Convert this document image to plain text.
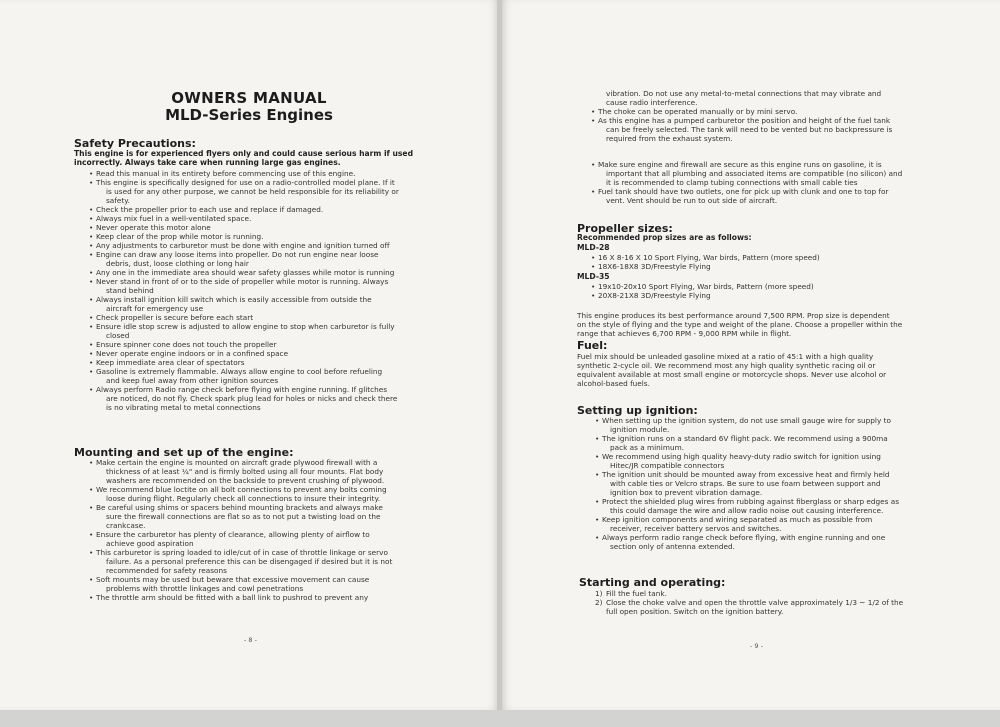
OWNERS MANUAL
MLD-Series Engines
Safety Precautions:
This engine is for experienced flyers only and could cause serious harm if used
incorrectly. Always take care when running large gas engines.
• Read this manual in its entirety before commencing use of this engine.
• This engine is specifically designed for use on a radio-controlled model plane. If it
is used for any other purpose, we cannot be held responsible for its reliability or
safety.
• Check the propeller prior to each use and replace if damaged.
• Always mix fuel in a well-ventilated space.
• Never operate this motor alone
• Keep clear of the prop while motor is running.
• Any adjustments to carburetor must be done with engine and ignition turned off
• Engine can draw any loose items into propeller. Do not run engine near loose
debris, dust, loose clothing or long hair
• Any one in the immediate area should wear safety glasses while motor is running
• Never stand in front of or to the side of propeller while motor is running. Always
stand behind
• Always install ignition kill switch which is easily accessible from outside the
aircraft for emergency use
• Check propeller is secure before each start
• Ensure idle stop screw is adjusted to allow engine to stop when carburetor is fully
closed
• Ensure spinner cone does not touch the propeller
• Never operate engine indoors or in a confined space
• Keep immediate area clear of spectators
• Gasoline is extremely flammable. Always allow engine to cool before refueling
and keep fuel away from other ignition sources
• Always perform Radio range check before flying with engine running. If glitches
are noticed, do not fly. Check spark plug lead for holes or nicks and check there
is no vibrating metal to metal connections
Mounting and set up of the engine:
• Make certain the engine is mounted on aircraft grade plywood firewall with a
thickness of at least ¼" and is firmly bolted using all four mounts. Flat body
washers are recommended on the backside to prevent crushing of plywood.
• We recommend blue loctite on all bolt connections to prevent any bolts coming
loose during flight. Regularly check all connections to insure their integrity.
• Be careful using shims or spacers behind mounting brackets and always make
sure the firewall connections are flat so as to not put a twisting load on the
crankcase.
• Ensure the carburetor has plenty of clearance, allowing plenty of airflow to
achieve good aspiration
• This carburetor is spring loaded to idle/cut of in case of throttle linkage or servo
failure. As a personal preference this can be disengaged if desired but it is not
recommended for safety reasons
• Soft mounts may be used but beware that excessive movement can cause
problems with throttle linkages and cowl penetrations
• The throttle arm should be fitted with a ball link to pushrod to prevent any
- 8 -
vibration. Do not use any metal-to-metal connections that may vibrate and
cause radio interference.
• The choke can be operated manually or by mini servo.
• As this engine has a pumped carburetor the position and height of the fuel tank
can be freely selected. The tank will need to be vented but no backpressure is
required from the exhaust system.
• Make sure engine and firewall are secure as this engine runs on gasoline, it is
important that all plumbing and associated items are compatible (no silicon) and
it is recommended to clamp tubing connections with small cable ties
• Fuel tank should have two outlets, one for pick up with clunk and one to top for
vent. Vent should be run to out side of aircraft.
Propeller sizes:
Recommended prop sizes are as follows:
MLD-28
• 16 X 8-16 X 10 Sport Flying, War birds, Pattern (more speed)
• 18X6-18X8 3D/Freestyle Flying
MLD-35
• 19x10-20x10 Sport Flying, War birds, Pattern (more speed)
• 20X8-21X8 3D/Freestyle Flying
This engine produces its best performance around 7,500 RPM. Prop size is dependent
on the style of flying and the type and weight of the plane. Choose a propeller within the
range that achieves 6,700 RPM - 9,000 RPM while in flight.
Fuel:
Fuel mix should be unleaded gasoline mixed at a ratio of 45:1 with a high quality
synthetic 2-cycle oil. We recommend most any high quality synthetic racing oil or
equivalent available at most small engine or motorcycle shops. Never use alcohol or
alcohol-based fuels.
Setting up ignition:
• When setting up the ignition system, do not use small gauge wire for supply to
ignition module.
• The ignition runs on a standard 6V flight pack. We recommend using a 900ma
pack as a minimum.
• We recommend using high quality heavy-duty radio switch for ignition using
Hitec/JR compatible connectors
• The ignition unit should be mounted away from excessive heat and firmly held
with cable ties or Velcro straps. Be sure to use foam between support and
ignition box to prevent vibration damage.
• Protect the shielded plug wires from rubbing against fiberglass or sharp edges as
this could damage the wire and allow radio noise out causing interference.
• Keep ignition components and wiring separated as much as possible from
receiver, receiver battery servos and switches.
• Always perform radio range check before flying, with engine running and one
section only of antenna extended.
Starting and operating:
1) Fill the fuel tank.
2) Close the choke valve and open the throttle valve approximately 1/3 ~ 1/2 of the
full open position. Switch on the ignition battery.
- 9 -
